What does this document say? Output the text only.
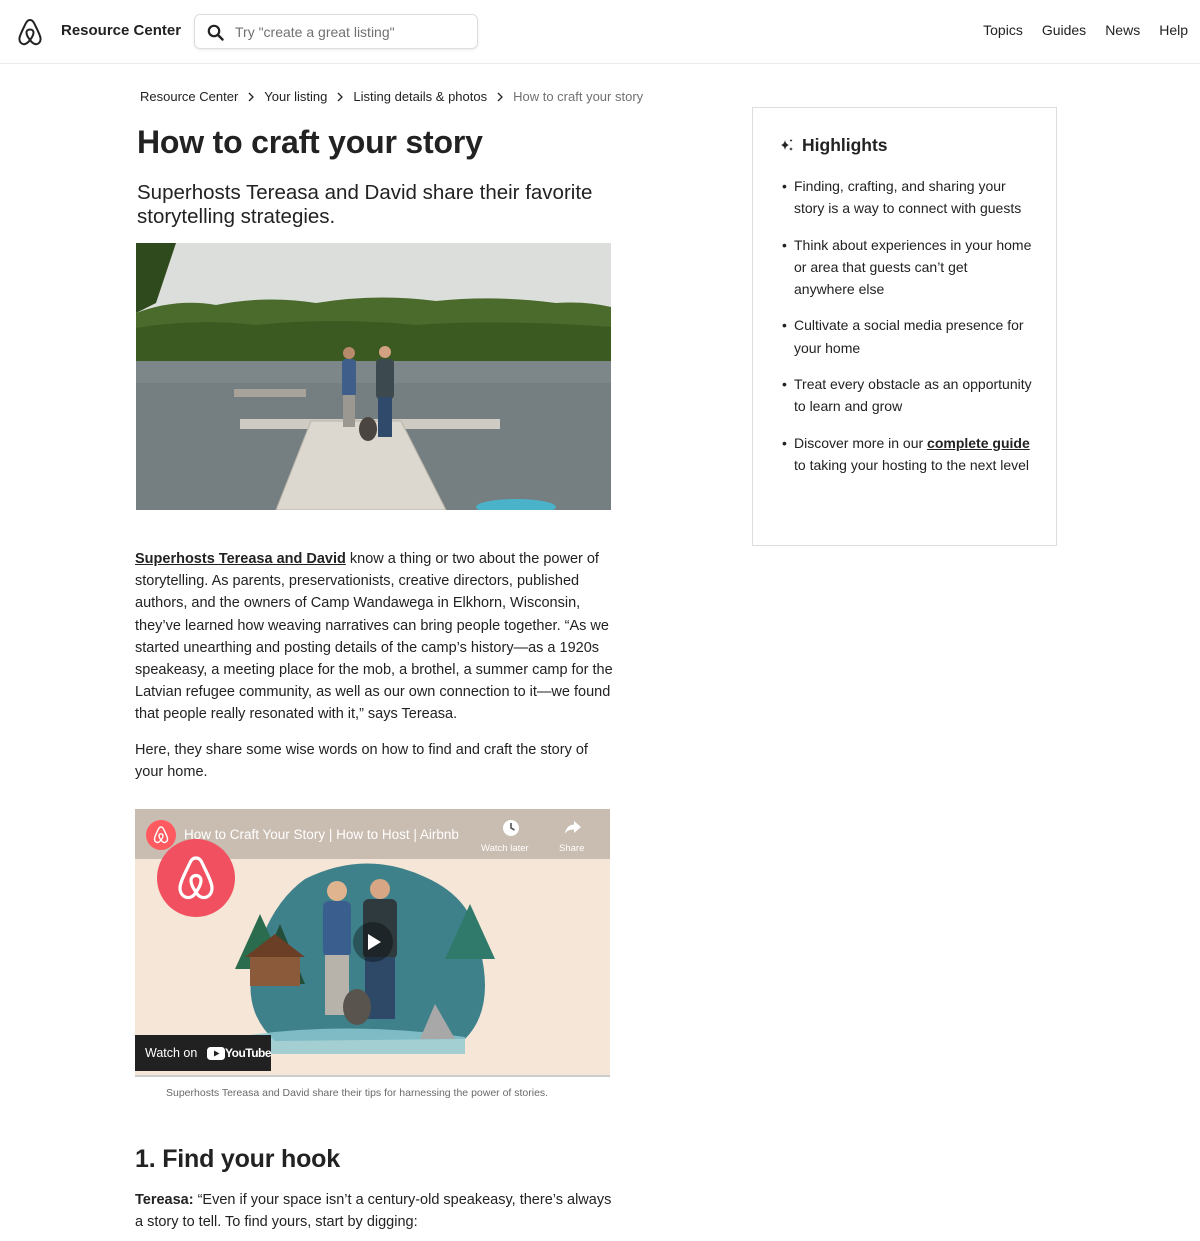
Resource Center
Try "create a great listing"	Topics Guides News Help
Resource Center Your listing Listing details & photos How to craft your story
How to craft your story

Superhosts Tereasa and David share their favorite storytelling strategies.

Superhosts Tereasa and David know a thing or two about the power of storytelling. As parents, preservationists, creative directors, published authors, and the owners of Camp Wandawega in Elkhorn, Wisconsin, they’ve learned how weaving narratives can bring people together. “As we started unearthing and posting details of the camp’s history—as a 1920s speakeasy, a meeting place for the mob, a brothel, a summer camp for the Latvian refugee community, as well as our own connection to it—we found that people really resonated with it,” says Tereasa.

Here, they share some wise words on how to find and craft the story of your home.

How to Craft Your Story | How to Host | Airbnb
Watch later	Share
Watch on YouTube

Superhosts Tereasa and David share their tips for harnessing the power of stories.

1. Find your hook

Tereasa: “Even if your space isn’t a century-old speakeasy, there’s always a story to tell. To find yours, start by digging:

Highlights
• Finding, crafting, and sharing your story is a way to connect with guests
• Think about experiences in your home or area that guests can’t get anywhere else
• Cultivate a social media presence for your home
• Treat every obstacle as an opportunity to learn and grow
• Discover more in our complete guide to taking your hosting to the next level
